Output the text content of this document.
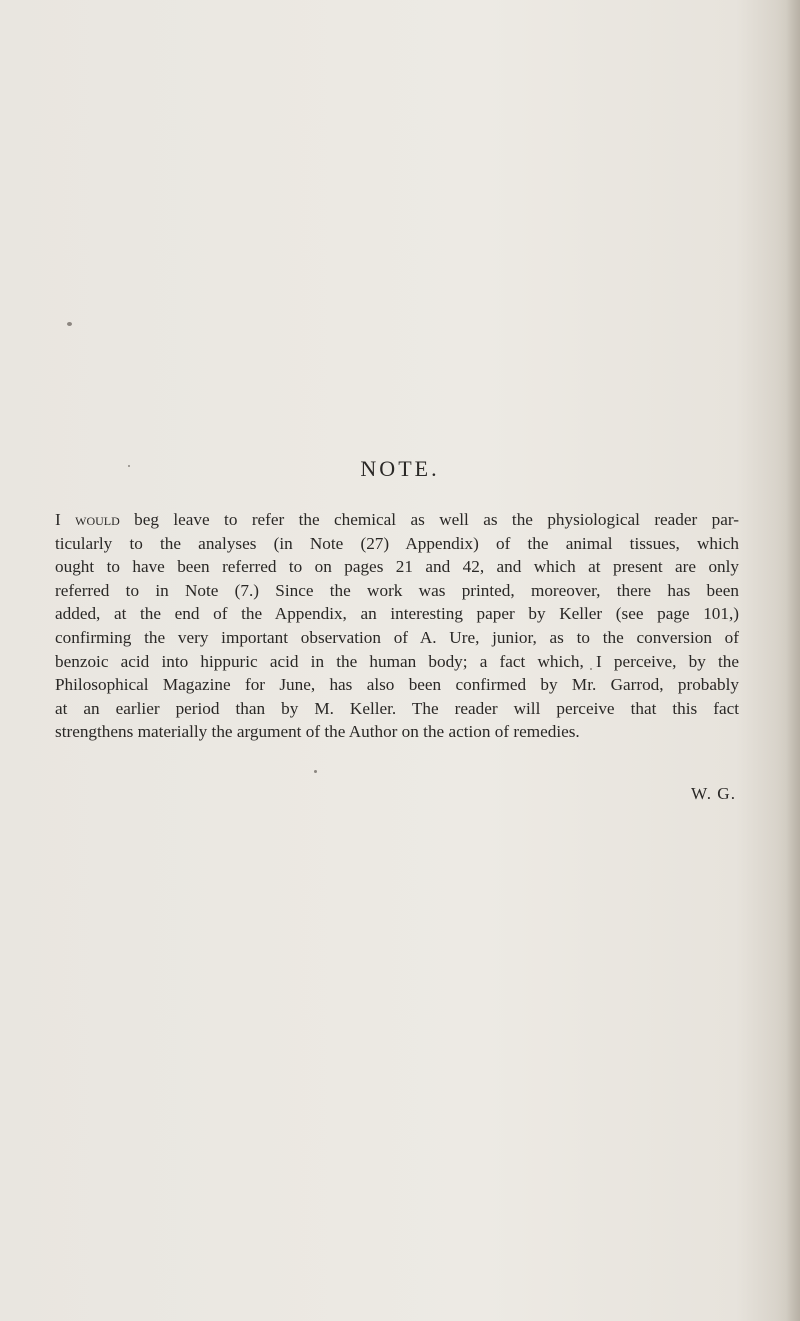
NOTE.
I would beg leave to refer the chemical as well as the physiological reader par-
ticularly to the analyses (in Note (27) Appendix) of the animal tissues, which
ought to have been referred to on pages 21 and 42, and which at present are only
referred to in Note (7.) Since the work was printed, moreover, there has been
added, at the end of the Appendix, an interesting paper by Keller (see page 101,)
confirming the very important observation of A. Ure, junior, as to the conversion of
benzoic acid into hippuric acid in the human body; a fact which, I perceive, by the
Philosophical Magazine for June, has also been confirmed by Mr. Garrod, probably
at an earlier period than by M. Keller. The reader will perceive that this fact
strengthens materially the argument of the Author on the action of remedies.
W. G.
